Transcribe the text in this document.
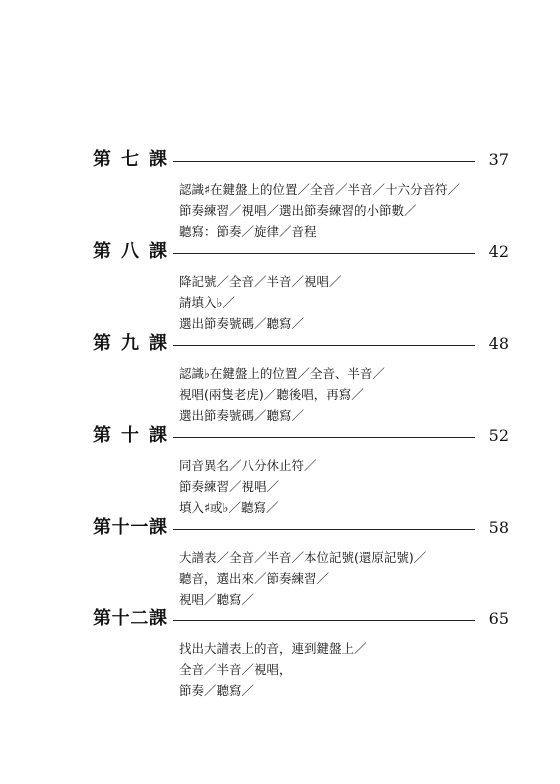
第 七 課	37
認識♯在鍵盤上的位置／全音／半音／十六分音符／
節奏練習／視唱／選出節奏練習的小節數／
聽寫：節奏／旋律／音程
第 八 課	42
降記號／全音／半音／視唱／
請填入♭／
選出節奏號碼／聽寫／
第 九 課	48
認識♭在鍵盤上的位置／全音、半音／
視唱(兩隻老虎)／聽後唱，再寫／
選出節奏號碼／聽寫／
第 十 課	52
同音異名／八分休止符／
節奏練習／視唱／
填入♯或♭／聽寫／
第 十 一 課	58
大譜表／全音／半音／本位記號(還原記號)／
聽音，選出來／節奏練習／
視唱／聽寫／
第 十 二 課	65
找出大譜表上的音，連到鍵盤上／
全音／半音／視唱，
節奏／聽寫／
